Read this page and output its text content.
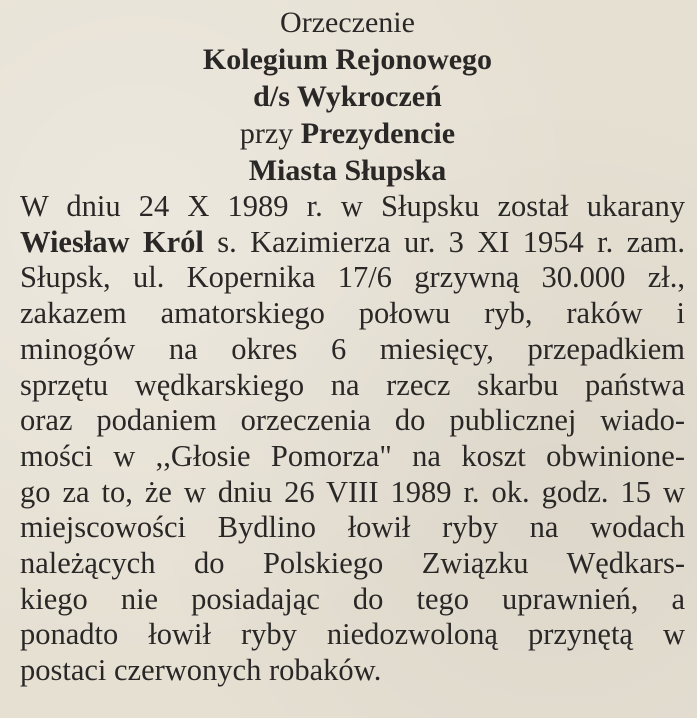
Orzeczenie
Kolegium Rejonowego
d/s Wykroczeń
przy Prezydencie
Miasta Słupska
W dniu 24 X 1989 r. w Słupsku został ukarany
Wiesław Król s. Kazimierza ur. 3 XI 1954 r. zam.
Słupsk, ul. Kopernika 17/6 grzywną 30.000 zł.,
zakazem amatorskiego połowu ryb, raków i
minogów na okres 6 miesięcy, przepadkiem
sprzętu wędkarskiego na rzecz skarbu państwa
oraz podaniem orzeczenia do publicznej wiado-
mości w ,,Głosie Pomorza" na koszt obwinione-
go za to, że w dniu 26 VIII 1989 r. ok. godz. 15 w
miejscowości Bydlino łowił ryby na wodach
należących do Polskiego Związku Wędkars-
kiego nie posiadając do tego uprawnień, a
ponadto łowił ryby niedozwoloną przynętą w
postaci czerwonych robaków.
